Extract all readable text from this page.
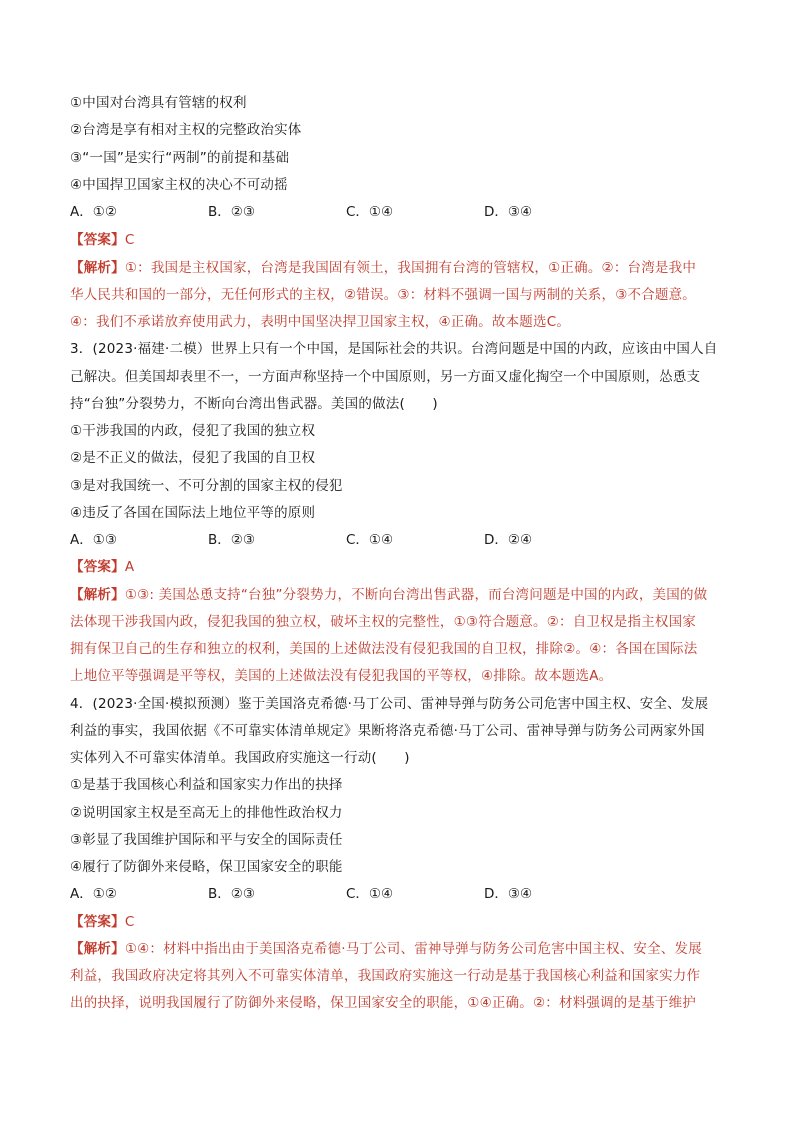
①中国对台湾具有管辖的权利
②台湾是享有相对主权的完整政治实体
③“一国”是实行“两制”的前提和基础
④中国捍卫国家主权的决心不可动摇
A．①②	B．②③	C．①④	D．③④
【答案】C
【解析】①：我国是主权国家，台湾是我国固有领土，我国拥有台湾的管辖权，①正确。②：台湾是我中
华人民共和国的一部分，无任何形式的主权，②错误。③：材料不强调一国与两制的关系，③不合题意。
④：我们不承诺放弃使用武力，表明中国坚决捍卫国家主权，④正确。故本题选C。
3．(2023·福建·二模）世界上只有一个中国，是国际社会的共识。台湾问题是中国的内政，应该由中国人自
己解决。但美国却表里不一，一方面声称坚持一个中国原则，另一方面又虚化掏空一个中国原则，怂恿支
持“台独”分裂势力，不断向台湾出售武器。美国的做法(　　)
①干涉我国的内政，侵犯了我国的独立权
②是不正义的做法，侵犯了我国的自卫权
③是对我国统一、不可分割的国家主权的侵犯
④违反了各国在国际法上地位平等的原则
A．①③	B．②③	C．①④	D．②④
【答案】A
【解析】①③: 美国怂恿支持“台独”分裂势力，不断向台湾出售武器，而台湾问题是中国的内政，美国的做
法体现干涉我国内政，侵犯我国的独立权，破坏主权的完整性，①③符合题意。②：自卫权是指主权国家
拥有保卫自己的生存和独立的权利，美国的上述做法没有侵犯我国的自卫权，排除②。④：各国在国际法
上地位平等强调是平等权，美国的上述做法没有侵犯我国的平等权，④排除。故本题选A。
4．(2023·全国·模拟预测）鉴于美国洛克希德·马丁公司、雷神导弹与防务公司危害中国主权、安全、发展
利益的事实，我国依据《不可靠实体清单规定》果断将洛克希德·马丁公司、雷神导弹与防务公司两家外国
实体列入不可靠实体清单。我国政府实施这一行动(　　)
①是基于我国核心利益和国家实力作出的抉择
②说明国家主权是至高无上的排他性政治权力
③彰显了我国维护国际和平与安全的国际责任
④履行了防御外来侵略，保卫国家安全的职能
A．①②	B．②③	C．①④	D．③④
【答案】C
【解析】①④：材料中指出由于美国洛克希德·马丁公司、雷神导弹与防务公司危害中国主权、安全、发展
利益，我国政府决定将其列入不可靠实体清单，我国政府实施这一行动是基于我国核心利益和国家实力作
出的抉择，说明我国履行了防御外来侵略，保卫国家安全的职能，①④正确。②：材料强调的是基于维护
